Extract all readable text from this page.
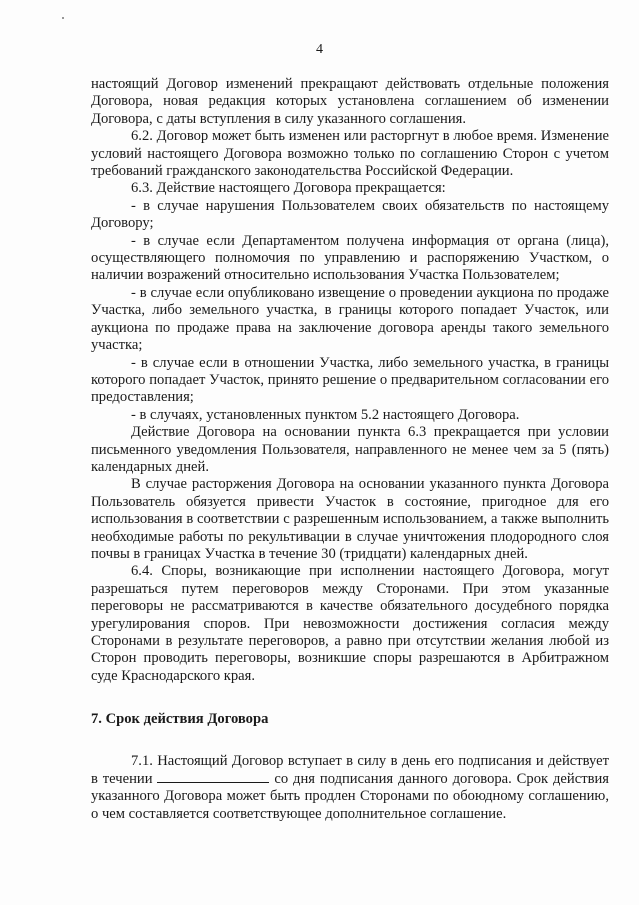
4

настоящий Договор изменений прекращают действовать отдельные положения Договора, новая редакция которых установлена соглашением об изменении Договора, с даты вступления в силу указанного соглашения.

6.2. Договор может быть изменен или расторгнут в любое время. Изменение условий настоящего Договора возможно только по соглашению Сторон с учетом требований гражданского законодательства Российской Федерации.

6.3. Действие настоящего Договора прекращается:

- в случае нарушения Пользователем своих обязательств по настоящему Договору;

- в случае если Департаментом получена информация от органа (лица), осуществляющего полномочия по управлению и распоряжению Участком, о наличии возражений относительно использования Участка Пользователем;

- в случае если опубликовано извещение о проведении аукциона по продаже Участка, либо земельного участка, в границы которого попадает Участок, или аукциона по продаже права на заключение договора аренды такого земельного участка;

- в случае если в отношении Участка, либо земельного участка, в границы которого попадает Участок, принято решение о предварительном согласовании его предоставления;

- в случаях, установленных пунктом 5.2 настоящего Договора.

Действие Договора на основании пункта 6.3 прекращается при условии письменного уведомления Пользователя, направленного не менее чем за 5 (пять) календарных дней.

В случае расторжения Договора на основании указанного пункта Договора Пользователь обязуется привести Участок в состояние, пригодное для его использования в соответствии с разрешенным использованием, а также выполнить необходимые работы по рекультивации в случае уничтожения плодородного слоя почвы в границах Участка в течение 30 (тридцати) календарных дней.

6.4. Споры, возникающие при исполнении настоящего Договора, могут разрешаться путем переговоров между Сторонами. При этом указанные переговоры не рассматриваются в качестве обязательного досудебного порядка урегулирования споров. При невозможности достижения согласия между Сторонами в результате переговоров, а равно при отсутствии желания любой из Сторон проводить переговоры, возникшие споры разрешаются в Арбитражном суде Краснодарского края.

7. Срок действия Договора

7.1. Настоящий Договор вступает в силу в день его подписания и действует в течении	со дня подписания данного договора. Срок действия указанного Договора может быть продлен Сторонами по обоюдному соглашению, о чем составляется соответствующее дополнительное соглашение.
